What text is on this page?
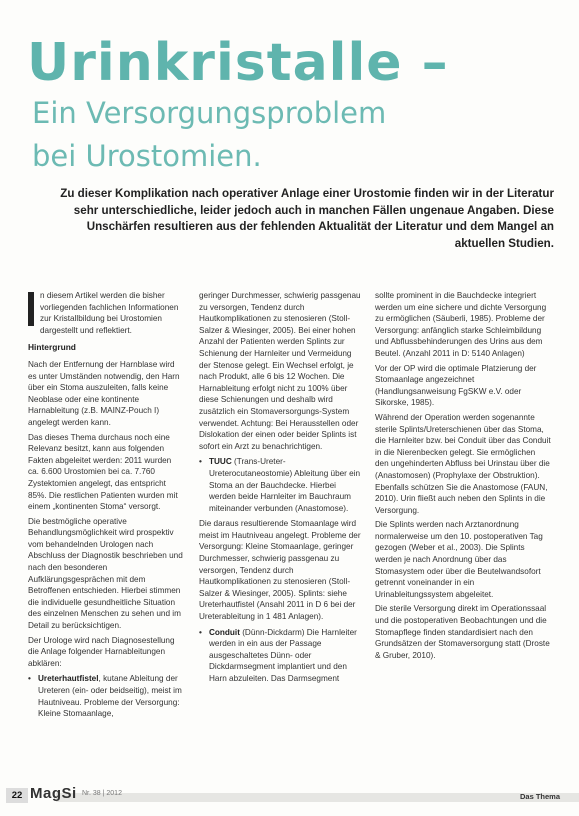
Urinkristalle –
Ein Versorgungsproblem
bei Urostomien.
Zu dieser Komplikation nach operativer Anlage einer Urostomie finden wir in der Literatur sehr unterschiedliche, leider jedoch auch in manchen Fällen ungenaue Angaben. Diese Unschärfen resultieren aus der fehlenden Aktualität der Literatur und dem Mangel an aktuellen Studien.

n diesem Artikel werden die bisher vorliegenden fachlichen Informationen zur Kristallbildung bei Urostomien dargestellt und reflektiert.

Hintergrund

Nach der Entfernung der Harnblase wird es unter Umständen notwendig, den Harn über ein Stoma auszuleiten, falls keine Neoblase oder eine kontinente Harnableitung (z.B. MAINZ-Pouch I) angelegt werden kann.

Das dieses Thema durchaus noch eine Relevanz besitzt, kann aus folgenden Fakten abgeleitet werden: 2011 wurden ca. 6.600 Urostomien bei ca. 7.760 Zystektomien angelegt, das entspricht 85%. Die restlichen Patienten wurden mit einem „kontinenten Stoma“ versorgt.

Die bestmögliche operative Behandlungsmöglichkeit wird prospektiv vom behandelnden Urologen nach Abschluss der Diagnostik beschrieben und nach den besonderen Aufklärungsgesprächen mit dem Betroffenen entschieden. Hierbei stimmen die individuelle gesundheitliche Situation des einzelnen Menschen zu sehen und im Detail zu berücksichtigen.

Der Urologe wird nach Diagnosestellung die Anlage folgender Harnableitungen abklären:

• Ureterhautfistel, kutane Ableitung der Ureteren (ein- oder beidseitig), meist im Hautniveau. Probleme der Versorgung: Kleine Stomaanlage,

geringer Durchmesser, schwierig passgenau zu versorgen, Tendenz durch Hautkomplikationen zu stenosieren (Stoll-Salzer & Wiesinger, 2005). Bei einer hohen Anzahl der Patienten werden Splints zur Schienung der Harnleiter und Vermeidung der Stenose gelegt. Ein Wechsel erfolgt, je nach Produkt, alle 6 bis 12 Wochen. Die Harnableitung erfolgt nicht zu 100% über diese Schienungen und deshalb wird zusätzlich ein Stomaversorgungs-System verwendet. Achtung: Bei Herausstellen oder Dislokation der einen oder beider Splints ist sofort ein Arzt zu benachrichtigen.

• TUUC (Trans-Ureter-Ureterocutaneostomie) Ableitung über ein Stoma an der Bauchdecke. Hierbei werden beide Harnleiter im Bauchraum miteinander verbunden (Anastomose).

Die daraus resultierende Stomaanlage wird meist im Hautniveau angelegt. Probleme der Versorgung: Kleine Stomaanlage, geringer Durchmesser, schwierig passgenau zu versorgen, Tendenz durch Hautkomplikationen zu stenosieren (Stoll-Salzer & Wiesinger, 2005). Splints: siehe Ureterhautfistel (Ansahl 2011 in D 6 bei der Ureterableitung in 1 481 Anlagen).

• Conduit (Dünn-Dickdarm) Die Harnleiter werden in ein aus der Passage ausgeschaltetes Dünn- oder Dickdarmsegment implantiert und den Harn abzuleiten. Das Darmsegment

sollte prominent in die Bauchdecke integriert werden um eine sichere und dichte Versorgung zu ermöglichen (Säuberli, 1985). Probleme der Versorgung: anfänglich starke Schleimbildung und Abflussbehinderungen des Urins aus dem Beutel. (Anzahl 2011 in D: 5140 Anlagen)

Vor der OP wird die optimale Platzierung der Stomaanlage angezeichnet (Handlungsanweisung FgSKW e.V. oder Sikorske, 1985).

Während der Operation werden sogenannte sterile Splints/Ureterschienen über das Stoma, die Harnleiter bzw. bei Conduit über das Conduit in die Nierenbecken gelegt. Sie ermöglichen den ungehinderten Abfluss bei Urinstau über die (Anastomosen) (Prophylaxe der Obstruktion). Ebenfalls schützen Sie die Anastomose (FAUN, 2010). Urin fließt auch neben den Splints in die Versorgung.

Die Splints werden nach Arztanordnung normalerweise um den 10. postoperativen Tag gezogen (Weber et al., 2003). Die Splints werden je nach Anordnung über das Stomasystem oder über die Beutelwandsofort getrennt voneinander in ein Urinableitungssystem abgeleitet.

Die sterile Versorgung direkt im Operationssaal und die postoperativen Beobachtungen und die Stomapflege finden standardisiert nach den Grundsätzen der Stomaversorgung statt (Droste & Gruber, 2010).

22 MagSi Nr. 38 | 2012	Das Thema
